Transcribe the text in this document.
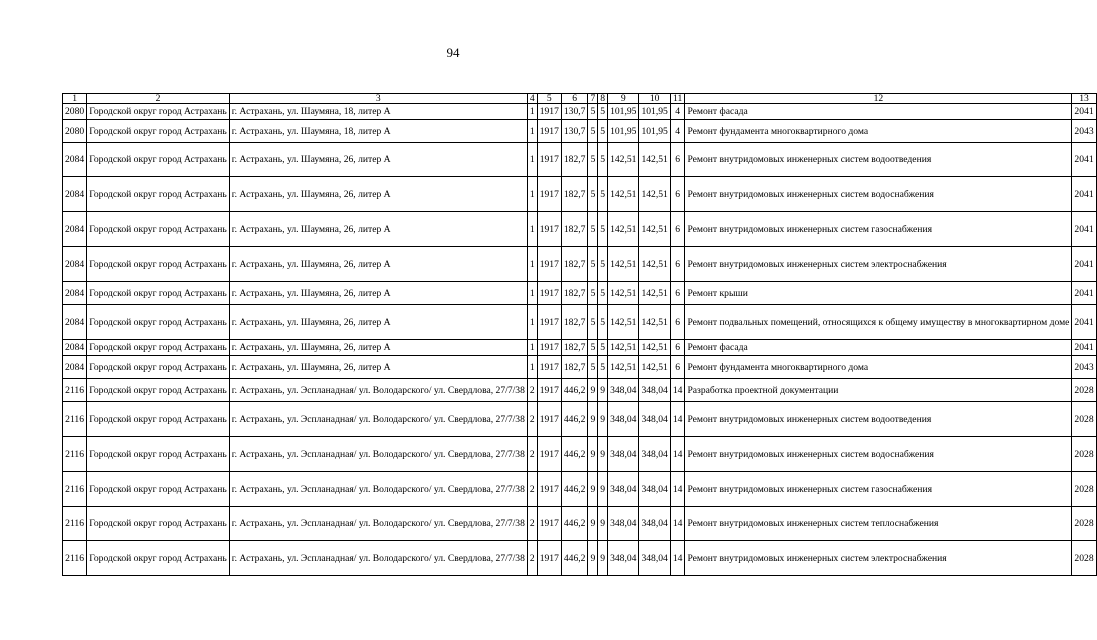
94
1	2	3	4	5	6	7	8	9	10	11	12	13
2080	Городской округ город Астрахань	г. Астрахань, ул. Шаумяна, 18, литер А	1	1917	130,7	5	5	101,95	101,95	4	Ремонт фасада	2041
2080	Городской округ город Астрахань	г. Астрахань, ул. Шаумяна, 18, литер А	1	1917	130,7	5	5	101,95	101,95	4	Ремонт фундамента многоквартирного дома	2043
2084	Городской округ город Астрахань	г. Астрахань, ул. Шаумяна, 26, литер А	1	1917	182,7	5	5	142,51	142,51	6	Ремонт внутридомовых инженерных систем водоотведения	2041
2084	Городской округ город Астрахань	г. Астрахань, ул. Шаумяна, 26, литер А	1	1917	182,7	5	5	142,51	142,51	6	Ремонт внутридомовых инженерных систем водоснабжения	2041
2084	Городской округ город Астрахань	г. Астрахань, ул. Шаумяна, 26, литер А	1	1917	182,7	5	5	142,51	142,51	6	Ремонт внутридомовых инженерных систем газоснабжения	2041
2084	Городской округ город Астрахань	г. Астрахань, ул. Шаумяна, 26, литер А	1	1917	182,7	5	5	142,51	142,51	6	Ремонт внутридомовых инженерных систем электроснабжения	2041
2084	Городской округ город Астрахань	г. Астрахань, ул. Шаумяна, 26, литер А	1	1917	182,7	5	5	142,51	142,51	6	Ремонт крыши	2041
2084	Городской округ город Астрахань	г. Астрахань, ул. Шаумяна, 26, литер А	1	1917	182,7	5	5	142,51	142,51	6	Ремонт подвальных помещений, относящихся к общему имуществу в многоквартирном доме	2041
2084	Городской округ город Астрахань	г. Астрахань, ул. Шаумяна, 26, литер А	1	1917	182,7	5	5	142,51	142,51	6	Ремонт фасада	2041
2084	Городской округ город Астрахань	г. Астрахань, ул. Шаумяна, 26, литер А	1	1917	182,7	5	5	142,51	142,51	6	Ремонт фундамента многоквартирного дома	2043
2116	Городской округ город Астрахань	г. Астрахань, ул. Эспланадная/ ул. Володарского/ ул. Свердлова, 27/7/38	2	1917	446,2	9	9	348,04	348,04	14	Разработка проектной документации	2028
2116	Городской округ город Астрахань	г. Астрахань, ул. Эспланадная/ ул. Володарского/ ул. Свердлова, 27/7/38	2	1917	446,2	9	9	348,04	348,04	14	Ремонт внутридомовых инженерных систем водоотведения	2028
2116	Городской округ город Астрахань	г. Астрахань, ул. Эспланадная/ ул. Володарского/ ул. Свердлова, 27/7/38	2	1917	446,2	9	9	348,04	348,04	14	Ремонт внутридомовых инженерных систем водоснабжения	2028
2116	Городской округ город Астрахань	г. Астрахань, ул. Эспланадная/ ул. Володарского/ ул. Свердлова, 27/7/38	2	1917	446,2	9	9	348,04	348,04	14	Ремонт внутридомовых инженерных систем газоснабжения	2028
2116	Городской округ город Астрахань	г. Астрахань, ул. Эспланадная/ ул. Володарского/ ул. Свердлова, 27/7/38	2	1917	446,2	9	9	348,04	348,04	14	Ремонт внутридомовых инженерных систем теплоснабжения	2028
2116	Городской округ город Астрахань	г. Астрахань, ул. Эспланадная/ ул. Володарского/ ул. Свердлова, 27/7/38	2	1917	446,2	9	9	348,04	348,04	14	Ремонт внутридомовых инженерных систем электроснабжения	2028
